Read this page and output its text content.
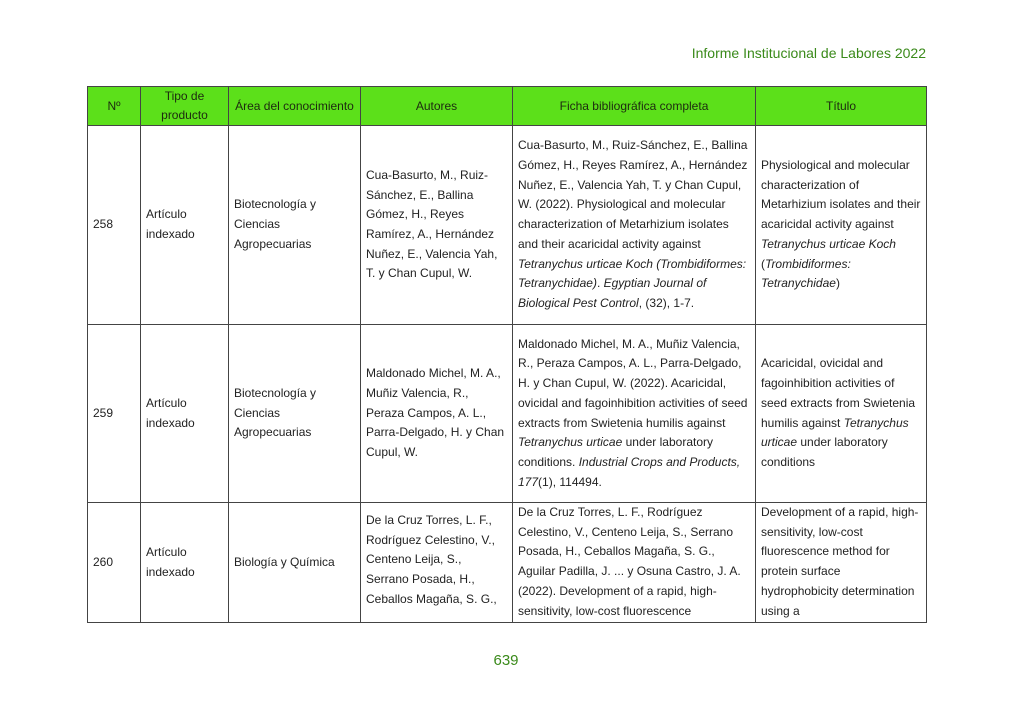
Informe Institucional de Labores 2022
Nº	Tipo de producto	Área del conocimiento	Autores	Ficha bibliográfica completa	Título
258	Artículo indexado	Biotecnología y Ciencias Agropecuarias	Cua-Basurto, M., Ruiz-Sánchez, E., Ballina Gómez, H., Reyes Ramírez, A., Hernández Nuñez, E., Valencia Yah, T. y Chan Cupul, W.	Cua-Basurto, M., Ruiz-Sánchez, E., Ballina Gómez, H., Reyes Ramírez, A., Hernández Nuñez, E., Valencia Yah, T. y Chan Cupul, W. (2022). Physiological and molecular characterization of Metarhizium isolates and their acaricidal activity against Tetranychus urticae Koch (Trombidiformes: Tetranychidae). Egyptian Journal of Biological Pest Control, (32), 1-7.	Physiological and molecular characterization of Metarhizium isolates and their acaricidal activity against Tetranychus urticae Koch (Trombidiformes: Tetranychidae)

259	Artículo indexado	Biotecnología y Ciencias Agropecuarias	Maldonado Michel, M. A., Muñiz Valencia, R., Peraza Campos, A. L., Parra-Delgado, H. y Chan Cupul, W.	Maldonado Michel, M. A., Muñiz Valencia, R., Peraza Campos, A. L., Parra-Delgado, H. y Chan Cupul, W. (2022). Acaricidal, ovicidal and fagoinhibition activities of seed extracts from Swietenia humilis against Tetranychus urticae under laboratory conditions. Industrial Crops and Products, 177(1), 114494.	Acaricidal, ovicidal and fagoinhibition activities of seed extracts from Swietenia humilis against Tetranychus urticae under laboratory conditions

260	Artículo indexado	Biología y Química	De la Cruz Torres, L. F., Rodríguez Celestino, V., Centeno Leija, S., Serrano Posada, H., Ceballos Magaña, S. G.,	De la Cruz Torres, L. F., Rodríguez Celestino, V., Centeno Leija, S., Serrano Posada, H., Ceballos Magaña, S. G., Aguilar Padilla, J. ... y Osuna Castro, J. A. (2022). Development of a rapid, high-sensitivity, low-cost fluorescence	Development of a rapid, high-sensitivity, low-cost fluorescence method for protein surface hydrophobicity determination using a
639
